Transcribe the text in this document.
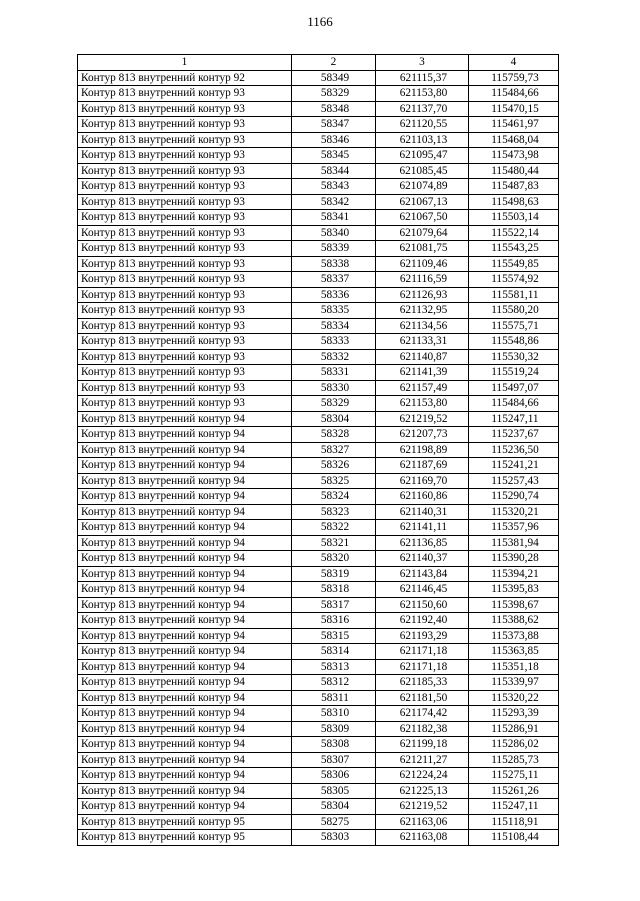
1166
1	2	3	4
Контур 813 внутренний контур 92	58349	621115,37	115759,73
Контур 813 внутренний контур 93	58329	621153,80	115484,66
Контур 813 внутренний контур 93	58348	621137,70	115470,15
Контур 813 внутренний контур 93	58347	621120,55	115461,97
Контур 813 внутренний контур 93	58346	621103,13	115468,04
Контур 813 внутренний контур 93	58345	621095,47	115473,98
Контур 813 внутренний контур 93	58344	621085,45	115480,44
Контур 813 внутренний контур 93	58343	621074,89	115487,83
Контур 813 внутренний контур 93	58342	621067,13	115498,63
Контур 813 внутренний контур 93	58341	621067,50	115503,14
Контур 813 внутренний контур 93	58340	621079,64	115522,14
Контур 813 внутренний контур 93	58339	621081,75	115543,25
Контур 813 внутренний контур 93	58338	621109,46	115549,85
Контур 813 внутренний контур 93	58337	621116,59	115574,92
Контур 813 внутренний контур 93	58336	621126,93	115581,11
Контур 813 внутренний контур 93	58335	621132,95	115580,20
Контур 813 внутренний контур 93	58334	621134,56	115575,71
Контур 813 внутренний контур 93	58333	621133,31	115548,86
Контур 813 внутренний контур 93	58332	621140,87	115530,32
Контур 813 внутренний контур 93	58331	621141,39	115519,24
Контур 813 внутренний контур 93	58330	621157,49	115497,07
Контур 813 внутренний контур 93	58329	621153,80	115484,66
Контур 813 внутренний контур 94	58304	621219,52	115247,11
Контур 813 внутренний контур 94	58328	621207,73	115237,67
Контур 813 внутренний контур 94	58327	621198,89	115236,50
Контур 813 внутренний контур 94	58326	621187,69	115241,21
Контур 813 внутренний контур 94	58325	621169,70	115257,43
Контур 813 внутренний контур 94	58324	621160,86	115290,74
Контур 813 внутренний контур 94	58323	621140,31	115320,21
Контур 813 внутренний контур 94	58322	621141,11	115357,96
Контур 813 внутренний контур 94	58321	621136,85	115381,94
Контур 813 внутренний контур 94	58320	621140,37	115390,28
Контур 813 внутренний контур 94	58319	621143,84	115394,21
Контур 813 внутренний контур 94	58318	621146,45	115395,83
Контур 813 внутренний контур 94	58317	621150,60	115398,67
Контур 813 внутренний контур 94	58316	621192,40	115388,62
Контур 813 внутренний контур 94	58315	621193,29	115373,88
Контур 813 внутренний контур 94	58314	621171,18	115363,85
Контур 813 внутренний контур 94	58313	621171,18	115351,18
Контур 813 внутренний контур 94	58312	621185,33	115339,97
Контур 813 внутренний контур 94	58311	621181,50	115320,22
Контур 813 внутренний контур 94	58310	621174,42	115293,39
Контур 813 внутренний контур 94	58309	621182,38	115286,91
Контур 813 внутренний контур 94	58308	621199,18	115286,02
Контур 813 внутренний контур 94	58307	621211,27	115285,73
Контур 813 внутренний контур 94	58306	621224,24	115275,11
Контур 813 внутренний контур 94	58305	621225,13	115261,26
Контур 813 внутренний контур 94	58304	621219,52	115247,11
Контур 813 внутренний контур 95	58275	621163,06	115118,91
Контур 813 внутренний контур 95	58303	621163,08	115108,44
